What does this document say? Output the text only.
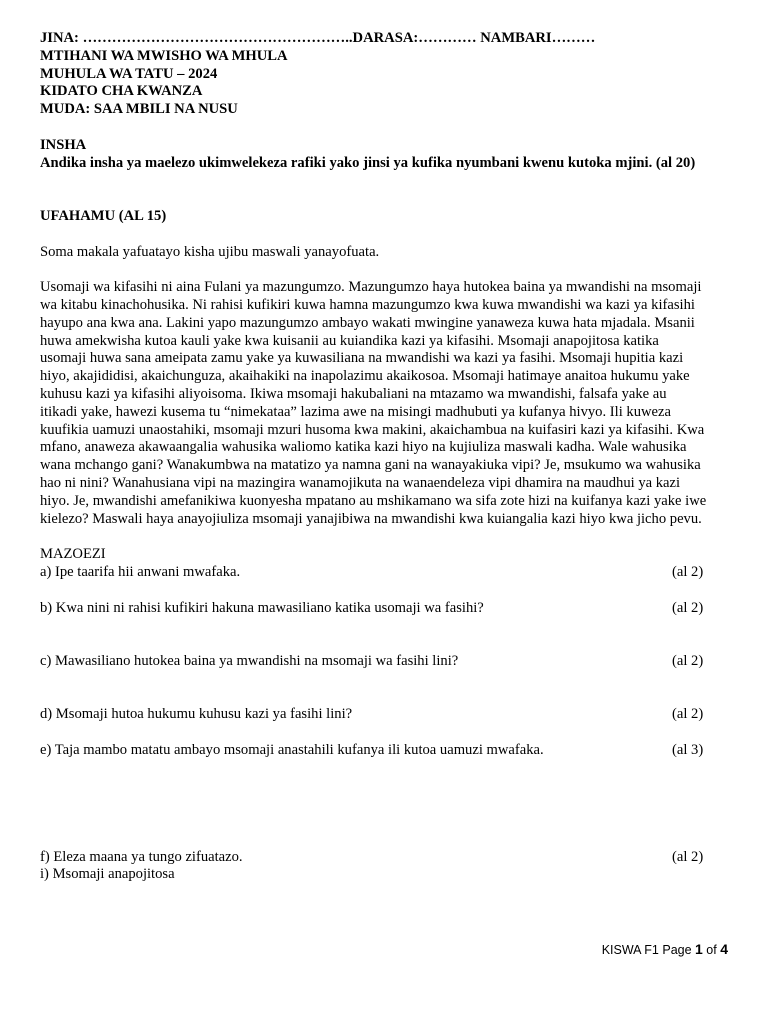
JINA: ………………………………………………..DARASA:………… NAMBARI………
MTIHANI WA MWISHO WA MHULA
MUHULA WA TATU – 2024
KIDATO CHA KWANZA
MUDA: SAA MBILI NA NUSU
INSHA
Andika insha ya maelezo ukimwelekeza rafiki yako jinsi ya kufika nyumbani kwenu kutoka mjini. (al 20)
UFAHAMU (AL 15)
Soma makala yafuatayo kisha ujibu maswali yanayofuata.
Usomaji wa kifasihi ni aina Fulani ya mazungumzo. Mazungumzo haya hutokea baina ya mwandishi na msomaji
wa kitabu kinachohusika. Ni rahisi kufikiri kuwa hamna mazungumzo kwa kuwa mwandishi wa kazi ya kifasihi
hayupo ana kwa ana. Lakini yapo mazungumzo ambayo wakati mwingine yanaweza kuwa hata mjadala. Msanii
huwa amekwisha kutoa kauli yake kwa kuisanii au kuiandika kazi ya kifasihi. Msomaji anapojitosa katika
usomaji huwa sana ameipata zamu yake ya kuwasiliana na mwandishi wa kazi ya fasihi. Msomaji hupitia kazi
hiyo, akajididisi, akaichunguza, akaihakiki na inapolazimu akaikosoa. Msomaji hatimaye anaitoa hukumu yake
kuhusu kazi ya kifasihi aliyoisoma. Ikiwa msomaji hakubaliani na mtazamo wa mwandishi, falsafa yake au
itikadi yake, hawezi kusema tu “nimekataa” lazima awe na misingi madhubuti ya kufanya hivyo. Ili kuweza
kuufikia uamuzi unaostahiki, msomaji mzuri husoma kwa makini, akaichambua na kuifasiri kazi ya kifasihi. Kwa
mfano, anaweza akawaangalia wahusika waliomo katika kazi hiyo na kujiuliza maswali kadha. Wale wahusika
wana mchango gani? Wanakumbwa na matatizo ya namna gani na wanayakiuka vipi? Je, msukumo wa wahusika
hao ni nini? Wanahusiana vipi na mazingira wanamojikuta na wanaendeleza vipi dhamira na maudhui ya kazi
hiyo. Je, mwandishi amefanikiwa kuonyesha mpatano au mshikamano wa sifa zote hizi na kuifanya kazi yake iwe
kielezo? Maswali haya anayojiuliza msomaji yanajibiwa na mwandishi kwa kuiangalia kazi hiyo kwa jicho pevu.
MAZOEZI
a) Ipe taarifa hii anwani mwafaka.	(al 2)
b) Kwa nini ni rahisi kufikiri hakuna mawasiliano katika usomaji wa fasihi?	(al 2)
c) Mawasiliano hutokea baina ya mwandishi na msomaji wa fasihi lini?	(al 2)
d) Msomaji hutoa hukumu kuhusu kazi ya fasihi lini?	(al 2)
e) Taja mambo matatu ambayo msomaji anastahili kufanya ili kutoa uamuzi mwafaka.	(al 3)
f) Eleza maana ya tungo zifuatazo.	(al 2)
i) Msomaji anapojitosa
KISWA F1 Page 1 of 4
